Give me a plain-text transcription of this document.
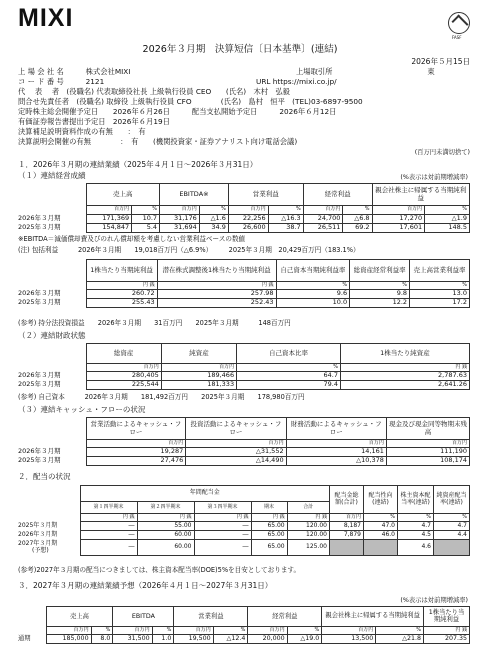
MIXI
FASF
2026年３月期　決算短信〔日本基準〕(連結)
2026年５月15日
上 場 会 社 名　　　株式会社MIXI	上場取引所　　　　　　　　　　　　　東
コ ー ド 番 号　　　2121	URL https://mixi.co.jp/
代　 表 　者　(役職名) 代表取締役社長 上級執行役員 CEO　　(氏名)　木村　弘毅
問合せ先責任者　(役職名) 取締役 上級執行役員 CFO　　　　(氏名)　島村　恒平　(TEL)03-6897-9500
定時株主総会開催予定日　　2026年６月26日　　　配当支払開始予定日　　　2026年６月12日
有価証券報告書提出予定日　2026年６月19日
決算補足説明資料作成の有無　　：　有
決算説明会開催の有無　　　　：　有　　(機関投資家・証券アナリスト向け電話会議)
(百万円未満切捨て)
１．2026年３月期の連結業績（2025年４月１日～2026年３月31日）
（１）連結経営成績	(%表示は対前期増減率)
	売上高		EBITDA※		営業利益		経常利益		親会社株主に帰属する当期純利益	
	百万円	%	百万円	%	百万円	%	百万円	%	百万円	%
2026年３月期	171,369	10.7	31,176	△1.6	22,256	△16.3	24,700	△6.8	17,270	△1.9
2025年３月期	154,847	5.4	31,694	34.9	26,600	38.7	26,511	69.2	17,601	148.5
※EBITDA＝減価償却費及びのれん償却額を考慮しない営業利益ベースの数値
(注) 包括利益　　　2026年３月期　　19,018百万円（△6.9%）　　　2025年３月期　20,429百万円（183.1%）
	1株当たり当期純利益	潜在株式調整後1株当たり当期純利益	自己資本当期純利益率	総資産経常利益率	売上高営業利益率
	円 銭	円 銭	%	%	%
2026年３月期	260.72	257.98	9.6	9.8	13.0
2025年３月期	255.43	252.43	10.0	12.2	17.2
(参考) 持分法投資損益　　2026年３月期　　31百万円　　2025年３月期　　　148百万円
（２）連結財政状態
	総資産	純資産	自己資本比率	1株当たり純資産
	百万円	百万円	%	円 銭
2026年３月期	280,405	189,466	64.7	2,787.63
2025年３月期	225,544	181,333	79.4	2,641.26
(参考) 自己資本　　　2026年３月期　　181,492百万円　　2025年３月期　　178,980百万円
（３）連結キャッシュ・フローの状況
	営業活動によるキャッシュ・フロー	投資活動によるキャッシュ・フロー	財務活動によるキャッシュ・フロー	現金及び現金同等物期末残高
	百万円	百万円	百万円	百万円
2026年３月期	19,287	△31,552	14,161	111,190
2025年３月期	27,476	△14,490	△10,378	108,174
２．配当の状況
	年間配当金					配当金総額(合計)	配当性向(連結)	株主資本配当率(連結)	純資産配当率(連結)
	第１四半期末	第２四半期末	第３四半期末	期末	合計				
	円 銭	円 銭	円 銭	円 銭	円 銭	百万円	%	%	%
2025年３月期	―	55.00	―	65.00	120.00	8,187	47.0	4.7	4.7
2026年３月期	―	60.00	―	65.00	120.00	7,879	46.0	4.5	4.4

2027年３月期
(予想)	―	60.00	―	65.00	125.00			4.6	
(参考)2027年３月期の配当につきましては、株主資本配当率(DOE)5%を目安としております。
３．2027年３月期の連結業績予想（2026年４月１日～2027年３月31日）
(%表示は対前期増減率)
	売上高		EBITDA		営業利益		経常利益		親会社株主に帰属する当期純利益		1株当たり当期純利益
	百万円	%	百万円	%	百万円	%	百万円	%	百万円	%	円 銭
通期	185,000	8.0	31,500	1.0	19,500	△12.4	20,000	△19.0	13,500	△21.8	207.35
